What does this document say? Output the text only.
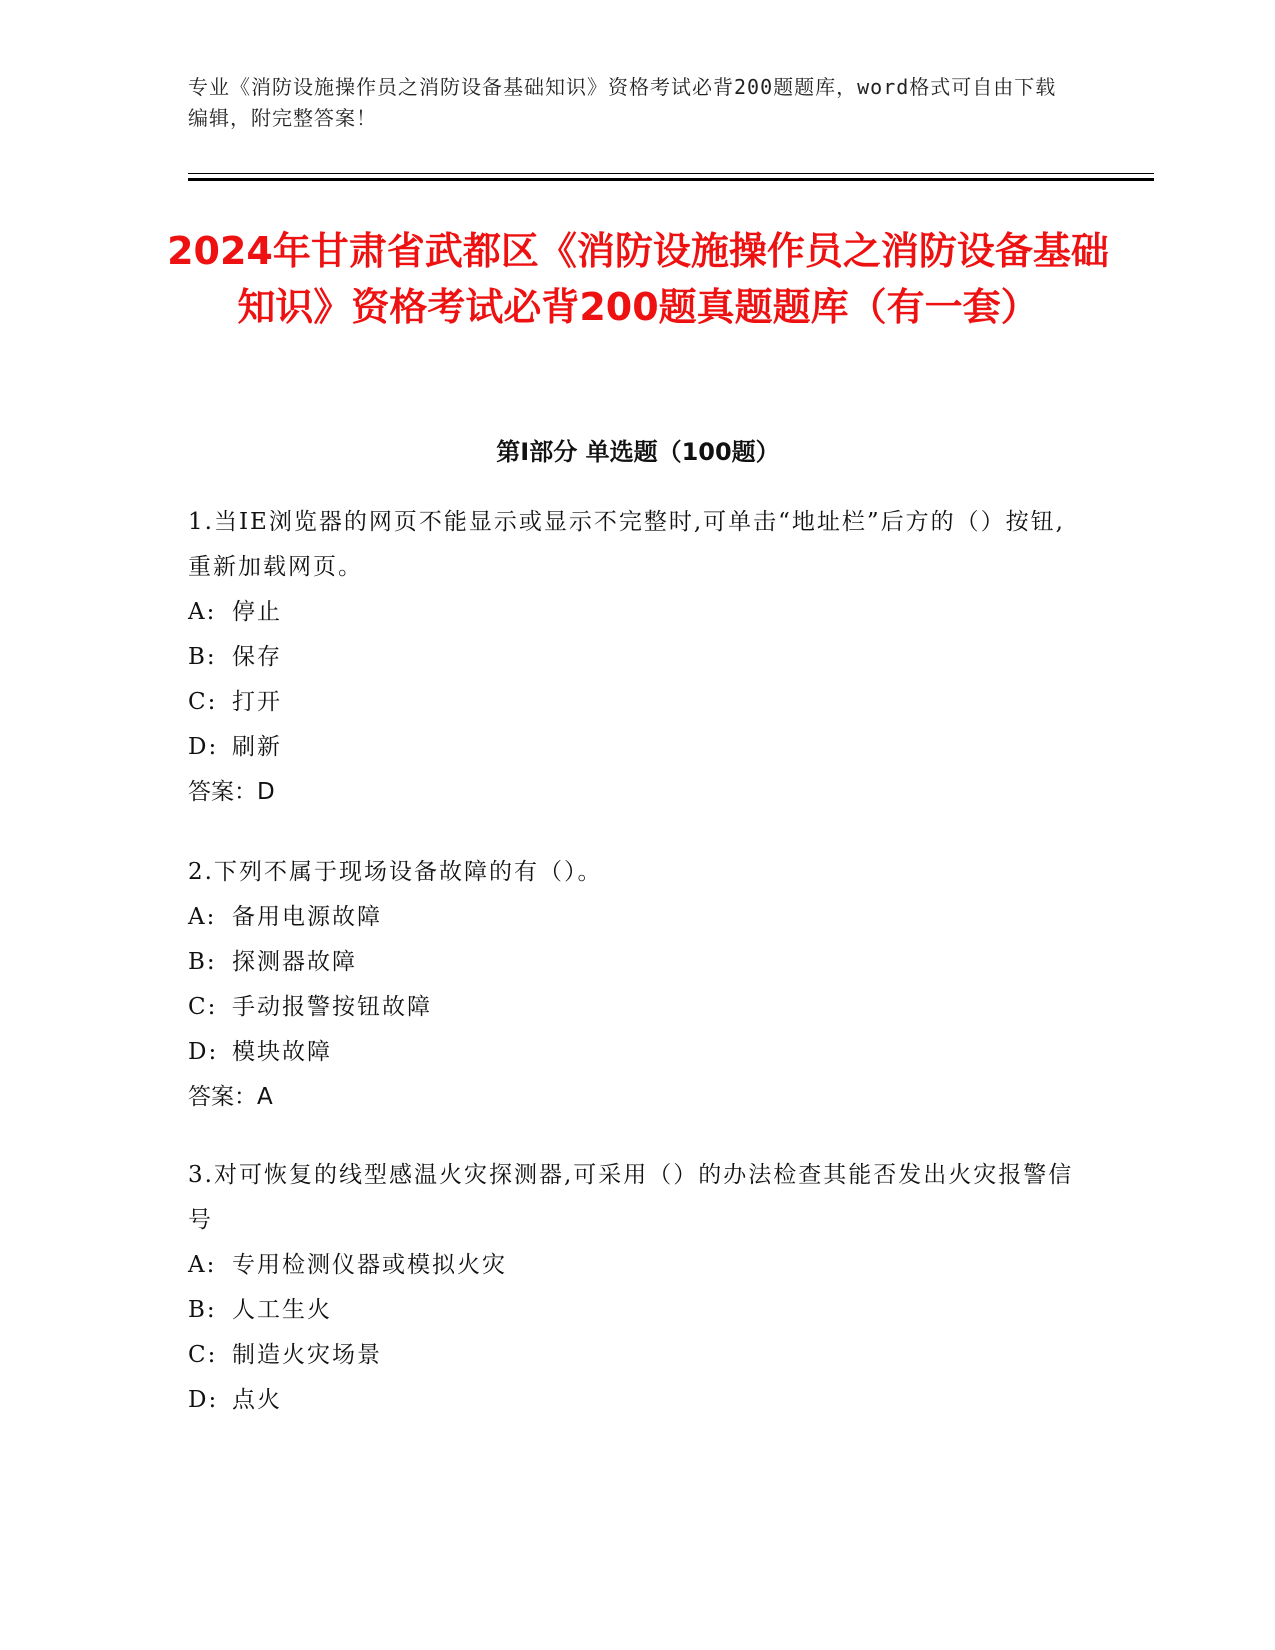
专业《消防设施操作员之消防设备基础知识》资格考试必背200题题库，word格式可自由下载编辑，附完整答案！
2024年甘肃省武都区《消防设施操作员之消防设备基础知识》资格考试必背200题真题题库（有一套）
第Ⅰ部分 单选题（100题）
1.当IE浏览器的网页不能显示或显示不完整时,可单击“地址栏”后方的（）按钮,重新加载网页。
A: 停止
B: 保存
C: 打开
D: 刷新
答案：D
2.下列不属于现场设备故障的有（）。
A: 备用电源故障
B: 探测器故障
C: 手动报警按钮故障
D: 模块故障
答案：A
3.对可恢复的线型感温火灾探测器,可采用（）的办法检查其能否发出火灾报警信号
A: 专用检测仪器或模拟火灾
B: 人工生火
C: 制造火灾场景
D: 点火
